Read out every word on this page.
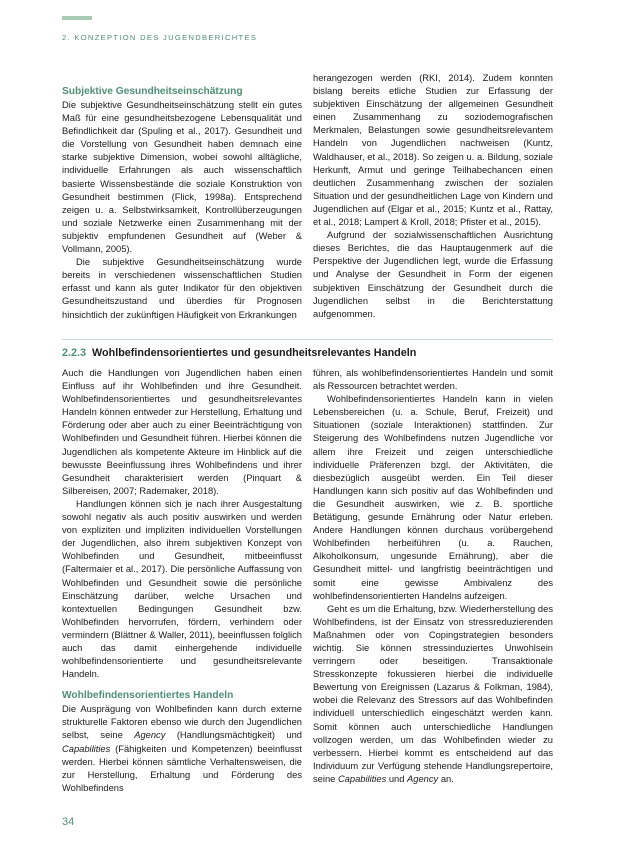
2. KONZEPTION DES JUGENDBERICHTES
Subjektive Gesundheitseinschätzung

Die subjektive Gesundheitseinschätzung stellt ein gutes Maß für eine gesundheitsbezogene Lebensqualität und Befindlichkeit dar (Spuling et al., 2017). Gesundheit und die Vorstellung von Gesundheit haben demnach eine starke subjektive Dimension, wobei sowohl alltägliche, individuelle Erfahrungen als auch wissenschaftlich basierte Wissensbestände die soziale Konstruktion von Gesundheit bestimmen (Flick, 1998a). Entsprechend zeigen u. a. Selbstwirksamkeit, Kontrollüberzeugungen und soziale Netzwerke einen Zusammenhang mit der subjektiv empfundenen Gesundheit auf (Weber & Vollmann, 2005).

Die subjektive Gesundheitseinschätzung wurde bereits in verschiedenen wissenschaftlichen Studien erfasst und kann als guter Indikator für den objektiven Gesundheitszustand und überdies für Prognosen hinsichtlich der zukünftigen Häufigkeit von Erkrankungen

herangezogen werden (RKI, 2014). Zudem konnten bislang bereits etliche Studien zur Erfassung der subjektiven Einschätzung der allgemeinen Gesundheit einen Zusammenhang zu soziodemografischen Merkmalen, Belastungen sowie gesundheitsrelevantem Handeln von Jugendlichen nachweisen (Kuntz, Waldhauser, et al., 2018). So zeigen u. a. Bildung, soziale Herkunft, Armut und geringe Teilhabechancen einen deutlichen Zusammenhang zwischen der sozialen Situation und der gesundheitlichen Lage von Kindern und Jugendlichen auf (Elgar et al., 2015; Kuntz et al., Rattay, et al., 2018; Lampert & Kroll, 2018; Pfister et al., 2015).

Aufgrund der sozialwissenschaftlichen Ausrichtung dieses Berichtes, die das Hauptaugenmerk auf die Perspektive der Jugendlichen legt, wurde die Erfassung und Analyse der Gesundheit in Form der eigenen subjektiven Einschätzung der Gesundheit durch die Jugendlichen selbst in die Berichterstattung aufgenommen.

2.2.3 Wohlbefindensorientiertes und gesundheitsrelevantes Handeln

Auch die Handlungen von Jugendlichen haben einen Einfluss auf ihr Wohlbefinden und ihre Gesundheit. Wohlbefindensorientiertes und gesundheitsrelevantes Handeln können entweder zur Herstellung, Erhaltung und Förderung oder aber auch zu einer Beeinträchtigung von Wohlbefinden und Gesundheit führen. Hierbei können die Jugendlichen als kompetente Akteure im Hinblick auf die bewusste Beeinflussung ihres Wohlbefindens und ihrer Gesundheit charakterisiert werden (Pinquart & Silbereisen, 2007; Rademaker, 2018).

Handlungen können sich je nach ihrer Ausgestaltung sowohl negativ als auch positiv auswirken und werden von expliziten und impliziten individuellen Vorstellungen der Jugendlichen, also ihrem subjektiven Konzept von Wohlbefinden und Gesundheit, mitbeeinflusst (Faltermaier et al., 2017). Die persönliche Auffassung von Wohlbefinden und Gesundheit sowie die persönliche Einschätzung darüber, welche Ursachen und kontextuellen Bedingungen Gesundheit bzw. Wohlbefinden hervorrufen, fördern, verhindern oder vermindern (Blättner & Waller, 2011), beeinflussen folglich auch das damit einhergehende individuelle wohlbefindensorientierte und gesundheitsrelevante Handeln.

Wohlbefindensorientiertes Handeln

Die Ausprägung von Wohlbefinden kann durch externe strukturelle Faktoren ebenso wie durch den Jugendlichen selbst, seine Agency (Handlungsmächtigkeit) und Capabilities (Fähigkeiten und Kompetenzen) beeinflusst werden. Hierbei können sämtliche Verhaltensweisen, die zur Herstellung, Erhaltung und Förderung des Wohlbefindens

führen, als wohlbefindensorientiertes Handeln und somit als Ressourcen betrachtet werden.

Wohlbefindensorientiertes Handeln kann in vielen Lebensbereichen (u. a. Schule, Beruf, Freizeit) und Situationen (soziale Interaktionen) stattfinden. Zur Steigerung des Wohlbefindens nutzen Jugendliche vor allem ihre Freizeit und zeigen unterschiedliche individuelle Präferenzen bzgl. der Aktivitäten, die diesbezüglich ausgeübt werden. Ein Teil dieser Handlungen kann sich positiv auf das Wohlbefinden und die Gesundheit auswirken, wie z. B. sportliche Betätigung, gesunde Ernährung oder Natur erleben. Andere Handlungen können durchaus vorübergehend Wohlbefinden herbeiführen (u. a. Rauchen, Alkoholkonsum, ungesunde Ernährung), aber die Gesundheit mittel- und langfristig beeinträchtigen und somit eine gewisse Ambivalenz des wohlbefindensorientierten Handelns aufzeigen.

Geht es um die Erhaltung, bzw. Wiederherstellung des Wohlbefindens, ist der Einsatz von stressreduzierenden Maßnahmen oder von Copingstrategien besonders wichtig. Sie können stressinduziertes Unwohlsein verringern oder beseitigen. Transaktionale Stresskonzepte fokussieren hierbei die individuelle Bewertung von Ereignissen (Lazarus & Folkman, 1984), wobei die Relevanz des Stressors auf das Wohlbefinden individuell unterschiedlich eingeschätzt werden kann. Somit können auch unterschiedliche Handlungen vollzogen werden, um das Wohlbefinden wieder zu verbessern. Hierbei kommt es entscheidend auf das Individuum zur Verfügung stehende Handlungsrepertoire, seine Capabilities und Agency an.

34
